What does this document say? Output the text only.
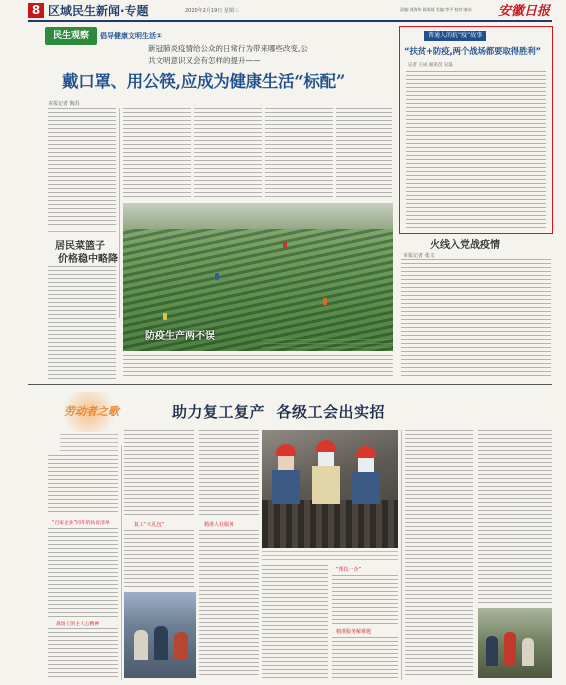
8 区域民生新闻·专题	2020年2月19日 星期三	责编:刘海华 陈珺琦 美编:李平 校对:秦东 安徽日报
民生观察	倡导健康文明生活①
新冠肺炎疫情给公众的日常行为带来哪些改变,公
共文明意识又会有怎样的提升——
戴口罩、用公筷,应成为健康生活“标配”
本报记者 陶苏
居民菜篮子
价格稳中略降
防疫生产两不误
普通人的抗“疫”故事
“扶贫+防疫,两个战场都要取得胜利”
记者 王成 通讯员 吴磊
火线入党战疫情
本报记者 张文
劳动者之歌	助力复工复产  各级工会出实招
“百家企业”同年的扶贫清单
战场上的主人公精神
复工“大礼包”	精准人社服务
“帮扶一企”
精准服务解难题
